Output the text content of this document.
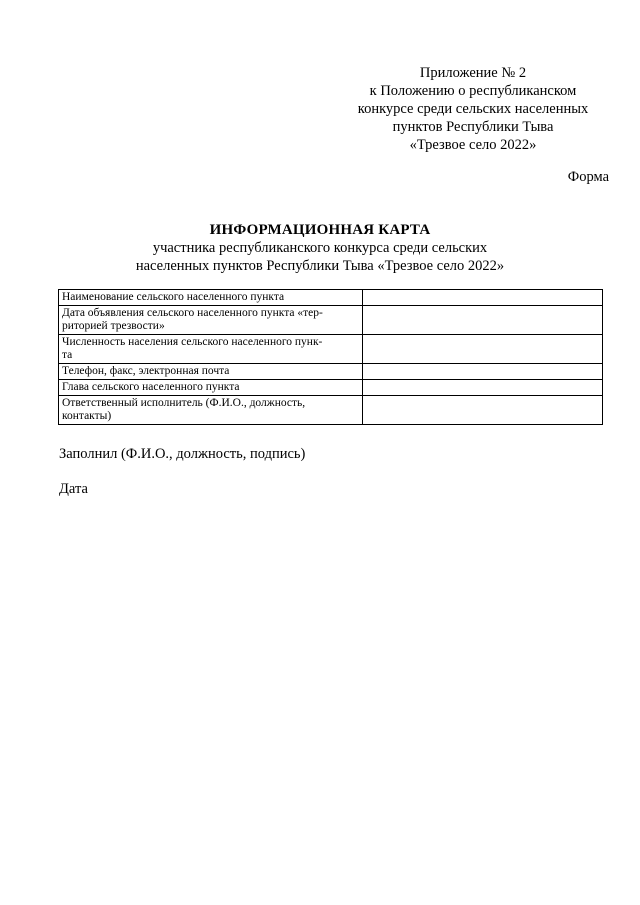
Приложение № 2
к Положению о республиканском
конкурсе среди сельских населенных
пунктов Республики Тыва
«Трезвое село 2022»
Форма
ИНФОРМАЦИОННАЯ КАРТА
участника республиканского конкурса среди сельских
населенных пунктов Республики Тыва «Трезвое село 2022»
Наименование сельского населенного пункта	

Дата объявления сельского населенного пункта «тер-
риторией трезвости»	

Численность населения сельского населенного пунк-
та	

Телефон, факс, электронная почта	

Глава сельского населенного пункта	

Ответственный исполнитель (Ф.И.О., должность,
контакты)	

Заполнил (Ф.И.О., должность, подпись)
Дата
